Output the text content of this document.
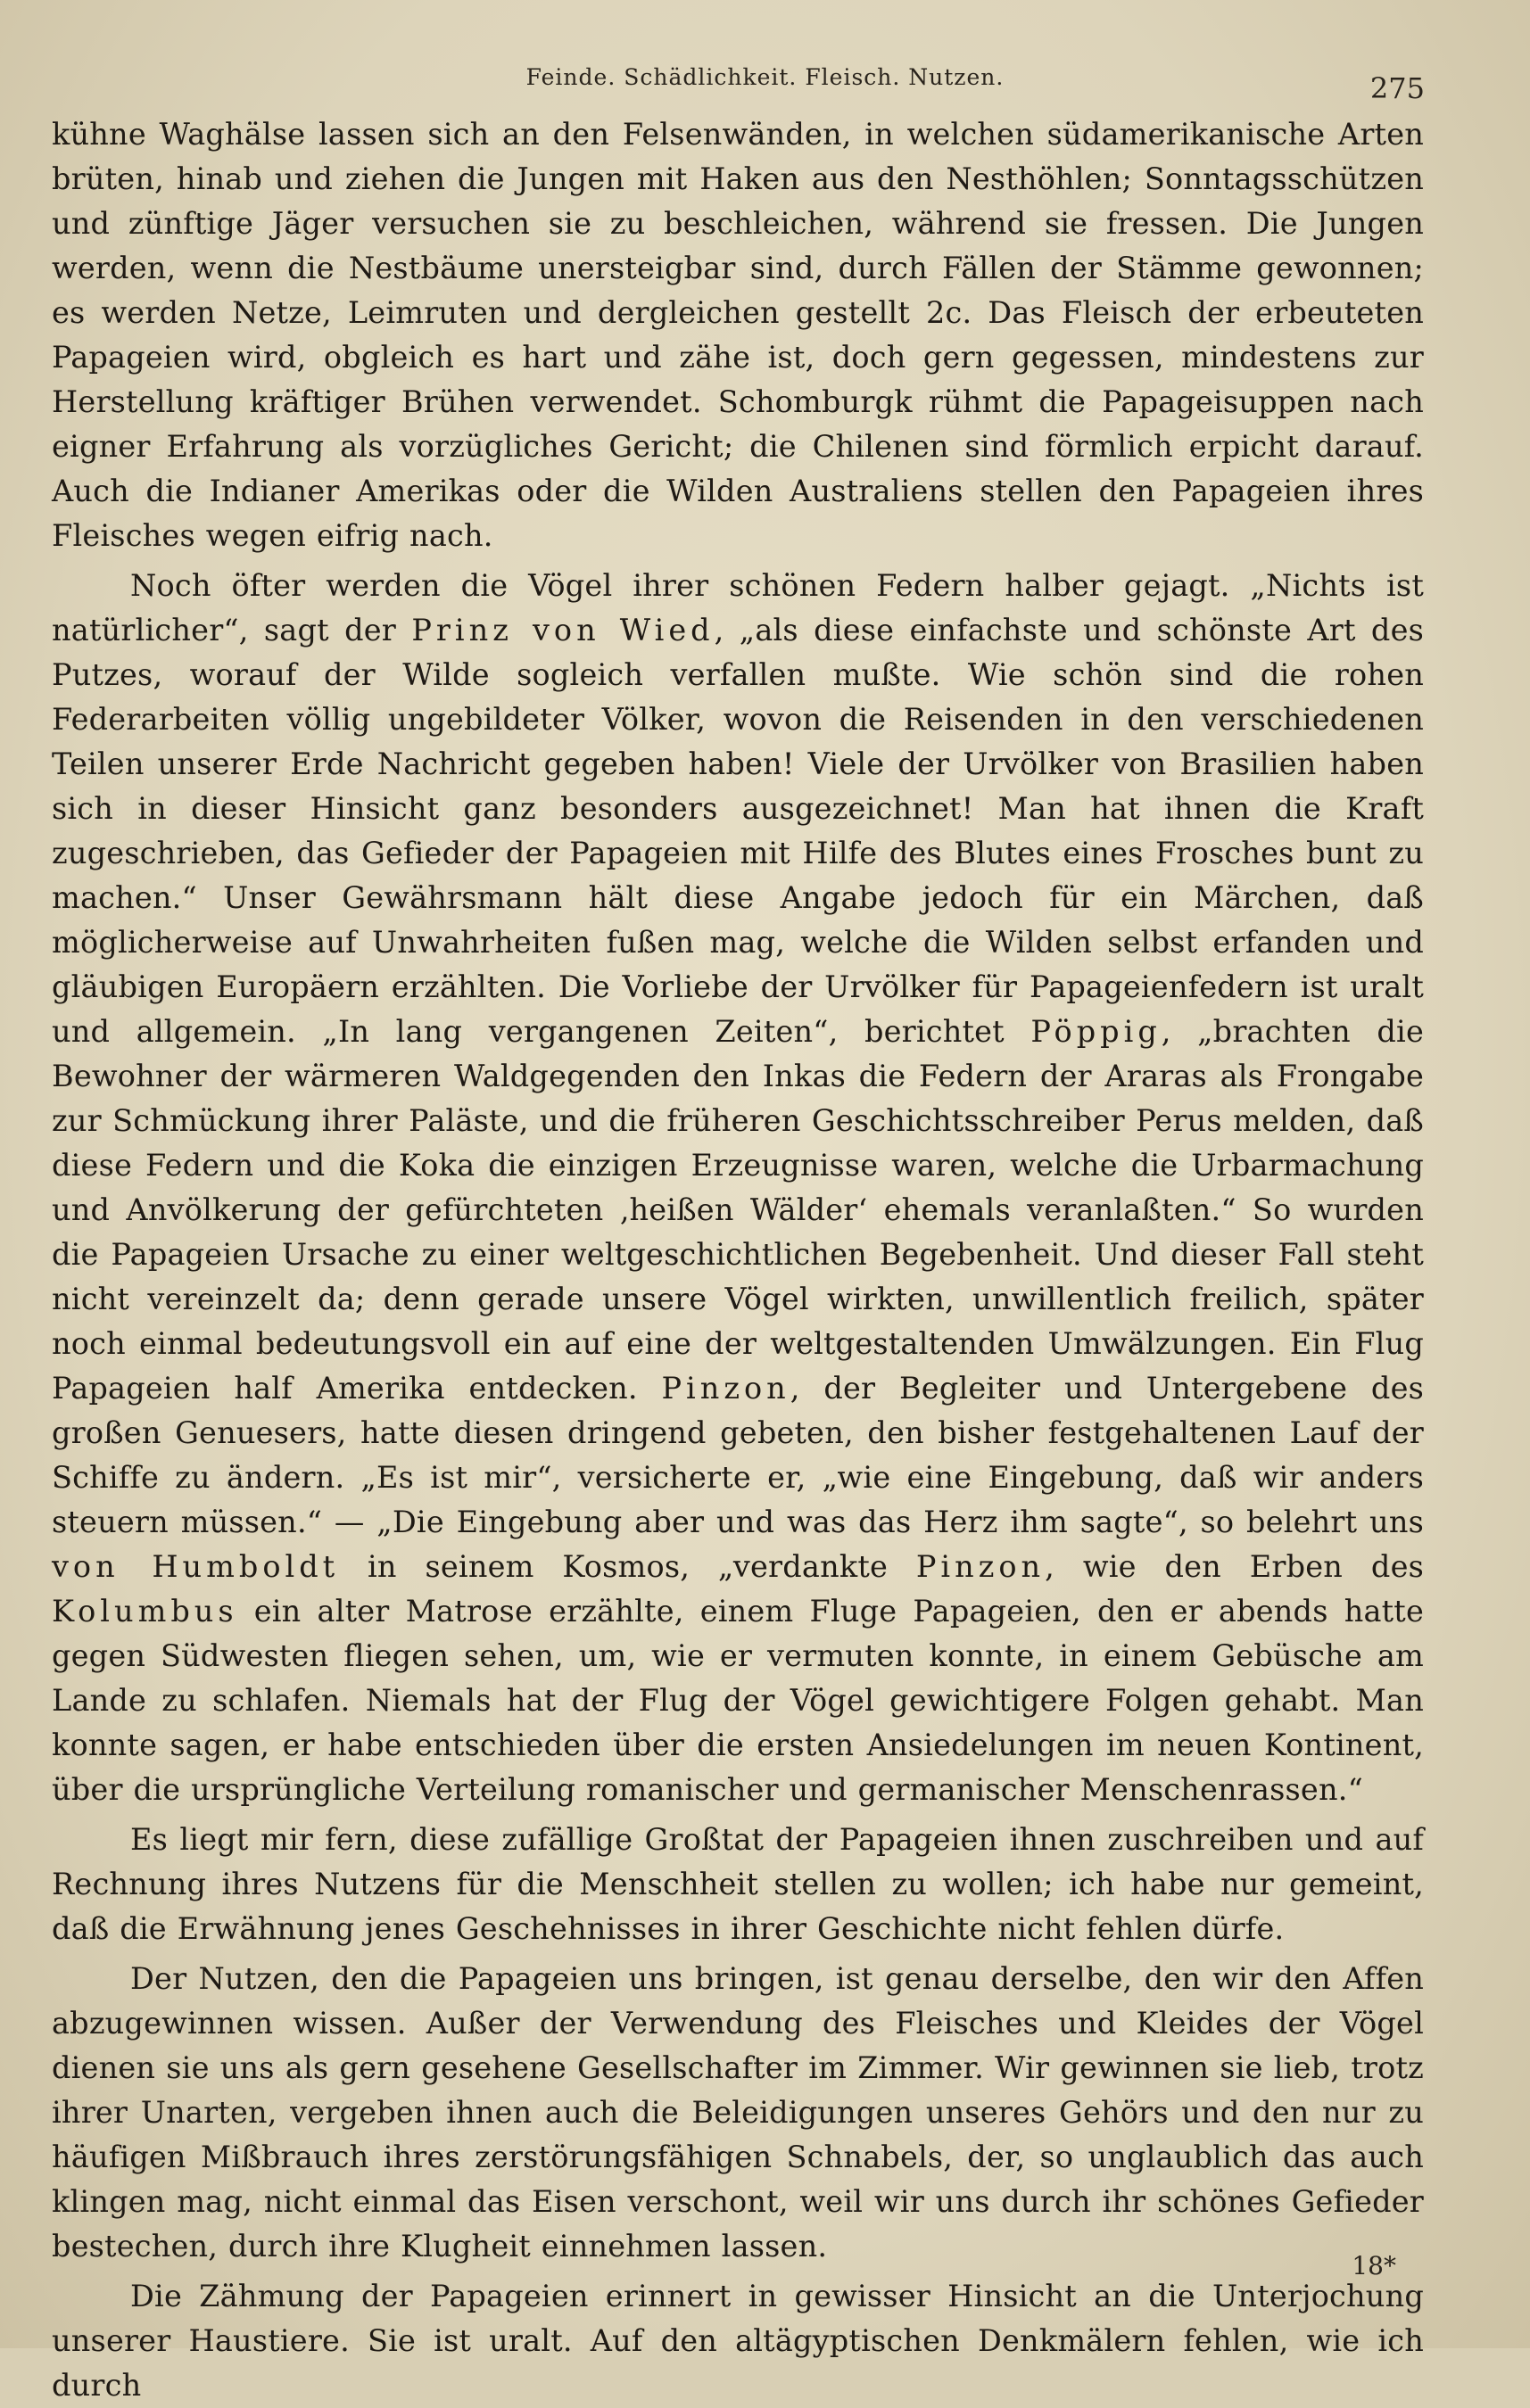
Feinde. Schädlichkeit. Fleisch. Nutzen.	275

kühne Waghälse lassen sich an den Felsenwänden, in welchen südamerikanische Arten brüten, hinab und ziehen die Jungen mit Haken aus den Nesthöhlen; Sonntagsschützen und zünftige Jäger versuchen sie zu beschleichen, während sie fressen. Die Jungen werden, wenn die Nestbäume unersteigbar sind, durch Fällen der Stämme gewonnen; es werden Netze, Leimruten und dergleichen gestellt 2c. Das Fleisch der erbeuteten Papageien wird, obgleich es hart und zähe ist, doch gern gegessen, mindestens zur Herstellung kräftiger Brühen verwendet. Schomburgk rühmt die Papageisuppen nach eigner Erfahrung als vorzügliches Gericht; die Chilenen sind förmlich erpicht darauf. Auch die Indianer Amerikas oder die Wilden Australiens stellen den Papageien ihres Fleisches wegen eifrig nach.

Noch öfter werden die Vögel ihrer schönen Federn halber gejagt. „Nichts ist natürlicher“, sagt der Prinz von Wied, „als diese einfachste und schönste Art des Putzes, worauf der Wilde sogleich verfallen mußte. Wie schön sind die rohen Federarbeiten völlig ungebildeter Völker, wovon die Reisenden in den verschiedenen Teilen unserer Erde Nachricht gegeben haben! Viele der Urvölker von Brasilien haben sich in dieser Hinsicht ganz besonders ausgezeichnet! Man hat ihnen die Kraft zugeschrieben, das Gefieder der Papageien mit Hilfe des Blutes eines Frosches bunt zu machen.“ Unser Gewährsmann hält diese Angabe jedoch für ein Märchen, daß möglicherweise auf Unwahrheiten fußen mag, welche die Wilden selbst erfanden und gläubigen Europäern erzählten. Die Vorliebe der Urvölker für Papageienfedern ist uralt und allgemein. „In lang vergangenen Zeiten“, berichtet Pöppig, „brachten die Bewohner der wärmeren Waldgegenden den Inkas die Federn der Araras als Frongabe zur Schmückung ihrer Paläste, und die früheren Geschichtsschreiber Perus melden, daß diese Federn und die Koka die einzigen Erzeugnisse waren, welche die Urbarmachung und Anvölkerung der gefürchteten ‚heißen Wälder‘ ehemals veranlaßten.“ So wurden die Papageien Ursache zu einer weltgeschichtlichen Begebenheit. Und dieser Fall steht nicht vereinzelt da; denn gerade unsere Vögel wirkten, unwillentlich freilich, später noch einmal bedeutungsvoll ein auf eine der weltgestaltenden Umwälzungen. Ein Flug Papageien half Amerika entdecken. Pinzon, der Begleiter und Untergebene des großen Genuesers, hatte diesen dringend gebeten, den bisher festgehaltenen Lauf der Schiffe zu ändern. „Es ist mir“, versicherte er, „wie eine Eingebung, daß wir anders steuern müssen.“ — „Die Eingebung aber und was das Herz ihm sagte“, so belehrt uns von Humboldt in seinem Kosmos, „verdankte Pinzon, wie den Erben des Kolumbus ein alter Matrose erzählte, einem Fluge Papageien, den er abends hatte gegen Südwesten fliegen sehen, um, wie er vermuten konnte, in einem Gebüsche am Lande zu schlafen. Niemals hat der Flug der Vögel gewichtigere Folgen gehabt. Man konnte sagen, er habe entschieden über die ersten Ansiedelungen im neuen Kontinent, über die ursprüngliche Verteilung romanischer und germanischer Menschenrassen.“

Es liegt mir fern, diese zufällige Großtat der Papageien ihnen zuschreiben und auf Rechnung ihres Nutzens für die Menschheit stellen zu wollen; ich habe nur gemeint, daß die Erwähnung jenes Geschehnisses in ihrer Geschichte nicht fehlen dürfe.

Der Nutzen, den die Papageien uns bringen, ist genau derselbe, den wir den Affen abzugewinnen wissen. Außer der Verwendung des Fleisches und Kleides der Vögel dienen sie uns als gern gesehene Gesellschafter im Zimmer. Wir gewinnen sie lieb, trotz ihrer Unarten, vergeben ihnen auch die Beleidigungen unseres Gehörs und den nur zu häufigen Mißbrauch ihres zerstörungsfähigen Schnabels, der, so unglaublich das auch klingen mag, nicht einmal das Eisen verschont, weil wir uns durch ihr schönes Gefieder bestechen, durch ihre Klugheit einnehmen lassen.

Die Zähmung der Papageien erinnert in gewisser Hinsicht an die Unterjochung unserer Haustiere. Sie ist uralt. Auf den altägyptischen Denkmälern fehlen, wie ich durch

18*
